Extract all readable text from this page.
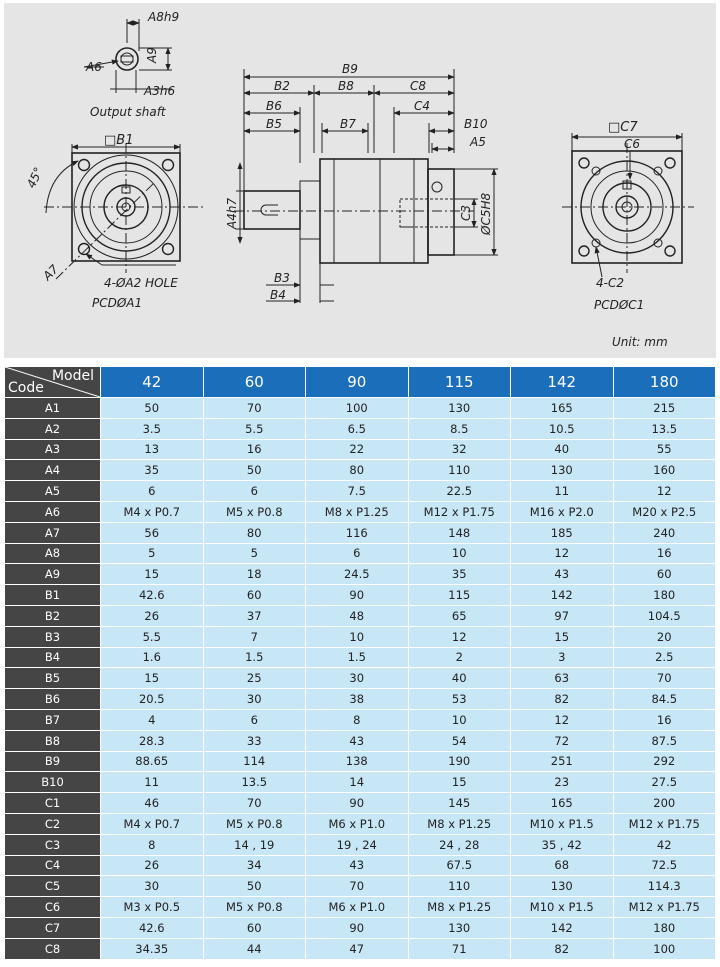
A8h9
A9
A6
A3h6
Output shaft
□B1
45°
A7	4-ØA2 HOLE
PCDØA1
B9
B2	B8	C8
B6	C4
B5	B7	B10
A5
A4h7	C3 ØC5H8
B3
B4
□C7
C6
4-C2
PCDØC1
Unit: mm
Model
Code	42	60	90	115	142	180
A1	50	70	100	130	165	215
A2	3.5	5.5	6.5	8.5	10.5	13.5
A3	13	16	22	32	40	55
A4	35	50	80	110	130	160
A5	6	6	7.5	22.5	11	12
A6	M4 x P0.7	M5 x P0.8	M8 x P1.25	M12 x P1.75	M16 x P2.0	M20 x P2.5
A7	56	80	116	148	185	240
A8	5	5	6	10	12	16
A9	15	18	24.5	35	43	60
B1	42.6	60	90	115	142	180
B2	26	37	48	65	97	104.5
B3	5.5	7	10	12	15	20
B4	1.6	1.5	1.5	2	3	2.5
B5	15	25	30	40	63	70
B6	20.5	30	38	53	82	84.5
B7	4	6	8	10	12	16
B8	28.3	33	43	54	72	87.5
B9	88.65	114	138	190	251	292
B10	11	13.5	14	15	23	27.5
C1	46	70	90	145	165	200
C2	M4 x P0.7	M5 x P0.8	M6 x P1.0	M8 x P1.25	M10 x P1.5	M12 x P1.75
C3	8	14 , 19	19 , 24	24 , 28	35 , 42	42
C4	26	34	43	67.5	68	72.5
C5	30	50	70	110	130	114.3
C6	M3 x P0.5	M5 x P0.8	M6 x P1.0	M8 x P1.25	M10 x P1.5	M12 x P1.75
C7	42.6	60	90	130	142	180
C8	34.35	44	47	71	82	100
